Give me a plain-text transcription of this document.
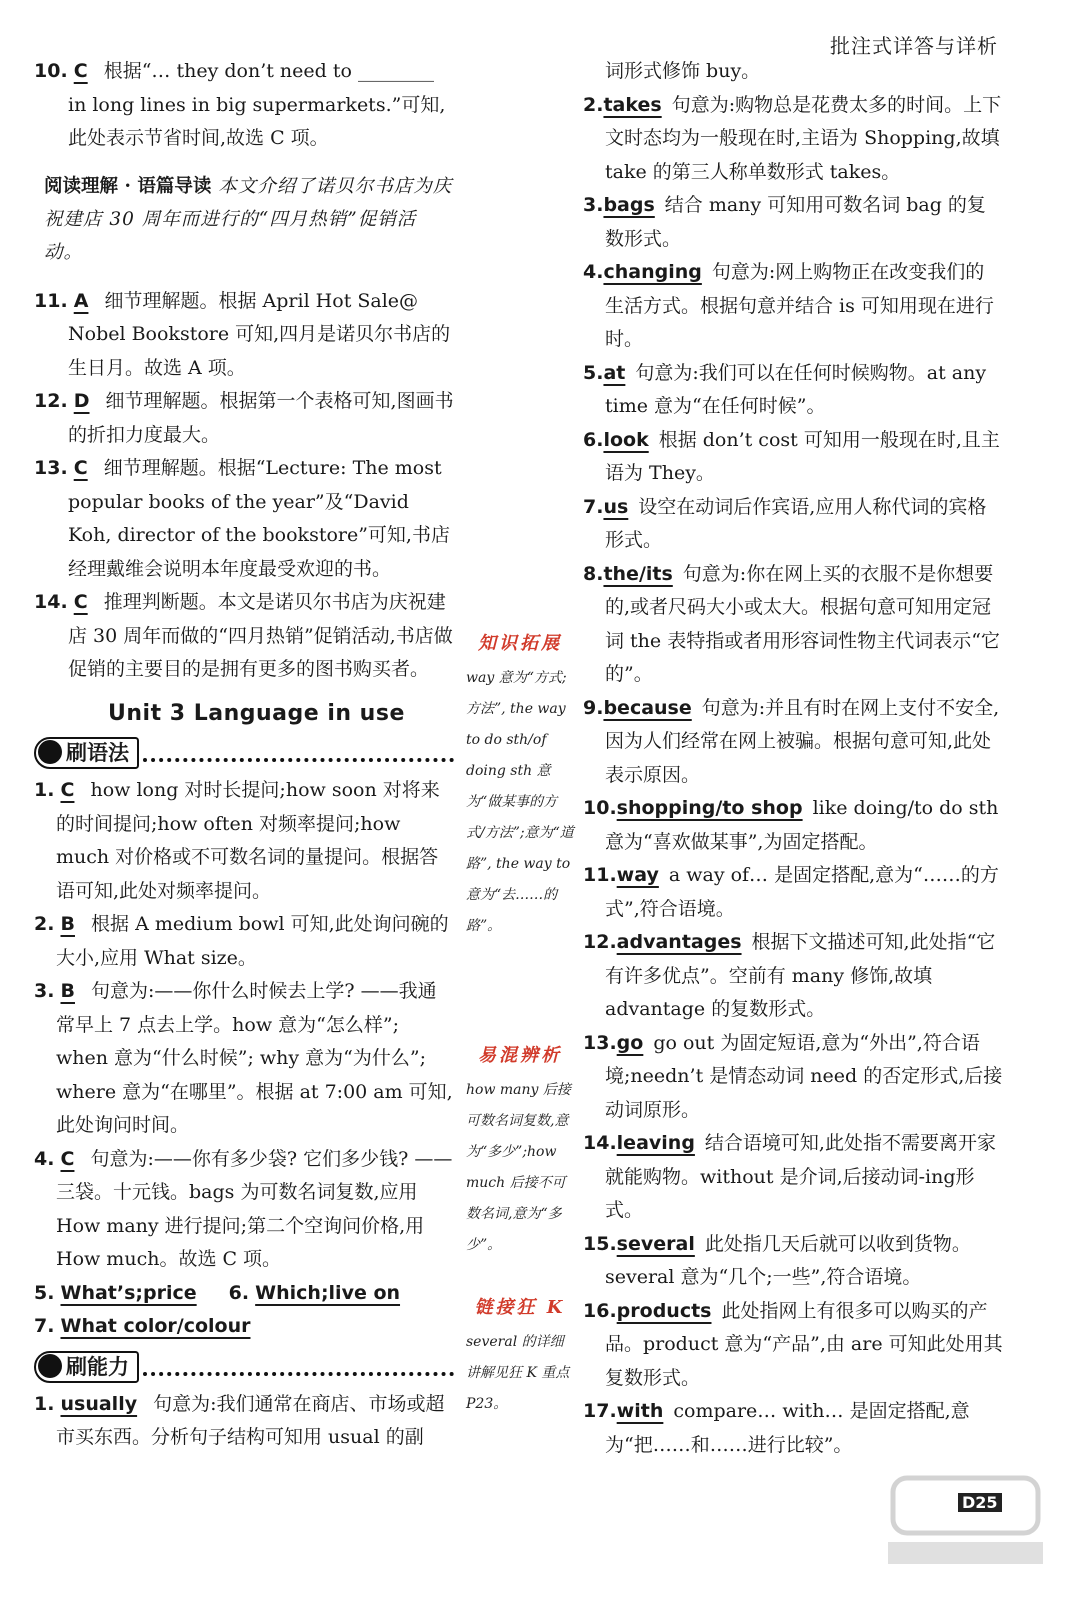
批注式详答与详析
10. C 根据“… they don’t need to ________ in long lines in big supermarkets.”可知,此处表示节省时间,故选 C 项。
阅读理解 · 语篇导读 本文介绍了诺贝尔书店为庆祝建店 30 周年而进行的“四月热销”促销活动。
11. A 细节理解题。根据 April Hot Sale@ Nobel Bookstore 可知,四月是诺贝尔书店的生日月。故选 A 项。
12. D 细节理解题。根据第一个表格可知,图画书的折扣力度最大。
13. C 细节理解题。根据“Lecture: The most popular books of the year”及“David Koh, director of the bookstore”可知,书店经理戴维会说明本年度最受欢迎的书。
14. C 推理判断题。本文是诺贝尔书店为庆祝建店 30 周年而做的“四月热销”促销活动,书店做促销的主要目的是拥有更多的图书购买者。
Unit 3 Language in use
刷语法
1. C how long 对时长提问;how soon 对将来的时间提问;how often 对频率提问;how much 对价格或不可数名词的量提问。根据答语可知,此处对频率提问。
2. B 根据 A medium bowl 可知,此处询问碗的大小,应用 What size。
3. B 句意为:——你什么时候去上学? ——我通常早上 7 点去上学。how 意为“怎么样”; when 意为“什么时候”; why 意为“为什么”; where 意为“在哪里”。根据 at 7:00 am 可知,此处询问时间。
4. C 句意为:——你有多少袋? 它们多少钱? ——三袋。十元钱。bags 为可数名词复数,应用 How many 进行提问;第二个空询问价格,用 How much。故选 C 项。
5. What’s;price	6. Which;live on
7. What color/colour
刷能力
1. usually 句意为:我们通常在商店、市场或超市买东西。分析句子结构可知用 usual 的副
知识拓展
way 意为“方式;方法”, the way to do sth/of doing sth 意为“做某事的方式/方法”;意为“道路”, the way to 意为“去……的路”。
易混辨析
how many 后接可数名词复数,意为“多少”;how much 后接不可数名词,意为“多少”。
链接狂 K
several 的详细讲解见狂 K 重点 P23。
词形式修饰 buy。
2.takes 句意为:购物总是花费太多的时间。上下文时态均为一般现在时,主语为 Shopping,故填 take 的第三人称单数形式 takes。
3.bags 结合 many 可知用可数名词 bag 的复数形式。
4.changing 句意为:网上购物正在改变我们的生活方式。根据句意并结合 is 可知用现在进行时。
5.at 句意为:我们可以在任何时候购物。at any time 意为“在任何时候”。
6.look 根据 don’t cost 可知用一般现在时,且主语为 They。
7.us 设空在动词后作宾语,应用人称代词的宾格形式。
8.the/its 句意为:你在网上买的衣服不是你想要的,或者尺码大小或太大。根据句意可知用定冠词 the 表特指或者用形容词性物主代词表示“它的”。
9.because 句意为:并且有时在网上支付不安全,因为人们经常在网上被骗。根据句意可知,此处表示原因。
10.shopping/to shop like doing/to do sth 意为“喜欢做某事”,为固定搭配。
11.way a way of… 是固定搭配,意为“……的方式”,符合语境。
12.advantages 根据下文描述可知,此处指“它有许多优点”。空前有 many 修饰,故填 advantage 的复数形式。
13.go go out 为固定短语,意为“外出”,符合语境;needn’t 是情态动词 need 的否定形式,后接动词原形。
14.leaving 结合语境可知,此处指不需要离开家就能购物。without 是介词,后接动词-ing形式。
15.several 此处指几天后就可以收到货物。several 意为“几个;一些”,符合语境。
16.products 此处指网上有很多可以购买的产品。product 意为“产品”,由 are 可知此处用其复数形式。
17.with compare… with… 是固定搭配,意为“把……和……进行比较”。
D25
